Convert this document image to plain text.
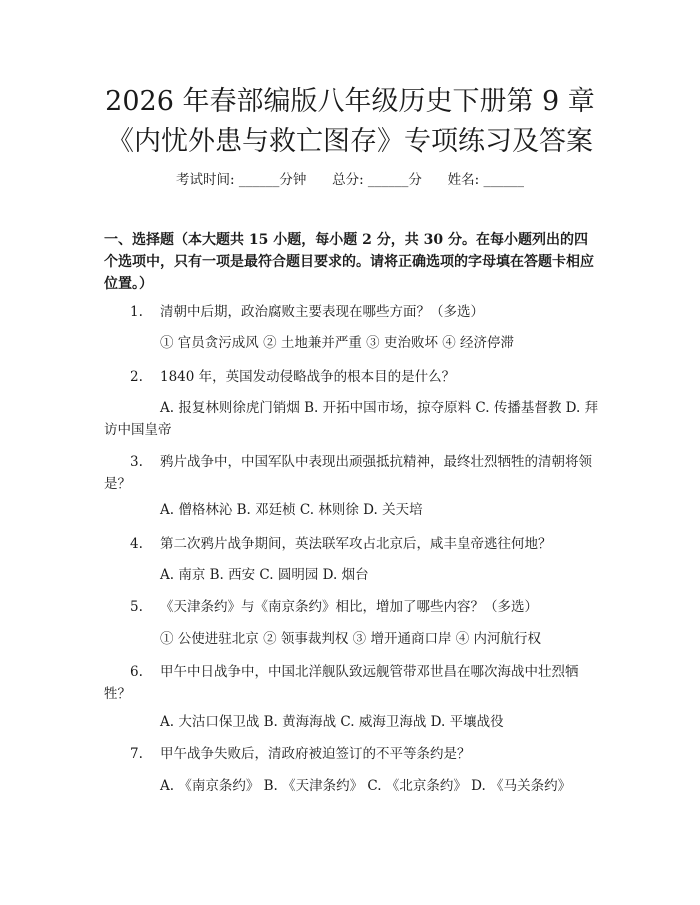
2026 年春部编版八年级历史下册第 9 章《内忧外患与救亡图存》专项练习及答案
考试时间: ______分钟      总分: ______分      姓名: ______
一、选择题（本大题共 15 小题，每小题 2 分，共 30 分。在每小题列出的四个选项中，只有一项是最符合题目要求的。请将正确选项的字母填在答题卡相应位置。）
1. 清朝中后期，政治腐败主要表现在哪些方面？（多选）
① 官员贪污成风 ② 土地兼并严重 ③ 吏治败坏 ④ 经济停滞
2. 1840 年，英国发动侵略战争的根本目的是什么？
A. 报复林则徐虎门销烟 B. 开拓中国市场，掠夺原料 C. 传播基督教 D. 拜访中国皇帝
3. 鸦片战争中，中国军队中表现出顽强抵抗精神，最终壮烈牺牲的清朝将领是？
A. 僧格林沁 B. 邓廷桢 C. 林则徐 D. 关天培
4. 第二次鸦片战争期间，英法联军攻占北京后，咸丰皇帝逃往何地？
A. 南京 B. 西安 C. 圆明园 D. 烟台
5. 《天津条约》与《南京条约》相比，增加了哪些内容？（多选）
① 公使进驻北京 ② 领事裁判权 ③ 增开通商口岸 ④ 内河航行权
6. 甲午中日战争中，中国北洋舰队致远舰管带邓世昌在哪次海战中壮烈牺牲？
A. 大沽口保卫战 B. 黄海海战 C. 威海卫海战 D. 平壤战役
7. 甲午战争失败后，清政府被迫签订的不平等条约是？
A. 《南京条约》 B. 《天津条约》 C. 《北京条约》 D. 《马关条约》
